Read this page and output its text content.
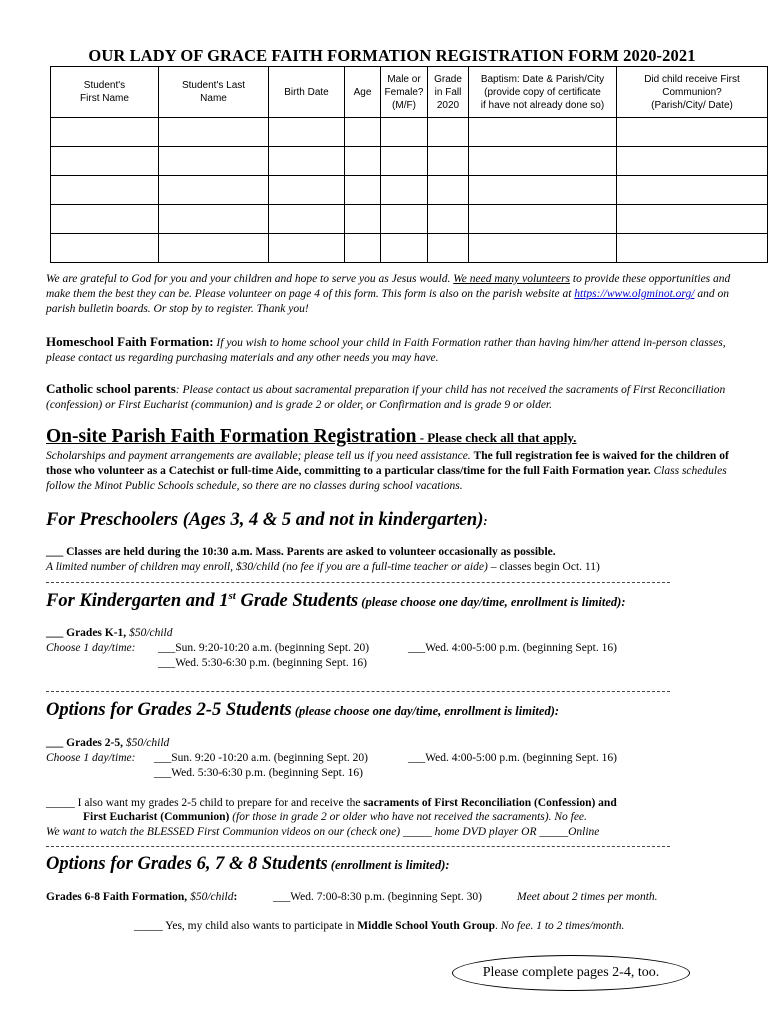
OUR LADY OF GRACE FAITH FORMATION REGISTRATION FORM 2020-2021
Student's
First Name	Student's Last
Name	Birth Date	Age	Male or
Female?
(M/F)	Grade
in Fall
2020	Baptism: Date & Parish/City
(provide copy of certificate
if have not already done so)	Did child receive First
Communion?
(Parish/City/ Date)

We are grateful to God for you and your children and hope to serve you as Jesus would. We need many volunteers to provide these opportunities and make them the best they can be. Please volunteer on page 4 of this form. This form is also on the parish website at https://www.olgminot.org/ and on parish bulletin boards. Or stop by to register. Thank you!
Homeschool Faith Formation: If you wish to home school your child in Faith Formation rather than having him/her attend in-person classes, please contact us regarding purchasing materials and any other needs you may have.
Catholic school parents: Please contact us about sacramental preparation if your child has not received the sacraments of First Reconciliation (confession) or First Eucharist (communion) and is grade 2 or older, or Confirmation and is grade 9 or older.
On-site Parish Faith Formation Registration - Please check all that apply.
Scholarships and payment arrangements are available; please tell us if you need assistance. The full registration fee is waived for the children of those who volunteer as a Catechist or full-time Aide, committing to a particular class/time for the full Faith Formation year. Class schedules follow the Minot Public Schools schedule, so there are no classes during school vacations.
For Preschoolers (Ages 3, 4 & 5 and not in kindergarten):
___ Classes are held during the 10:30 a.m. Mass. Parents are asked to volunteer occasionally as possible.
A limited number of children may enroll, $30/child (no fee if you are a full-time teacher or aide) – classes begin Oct. 11)
For Kindergarten and 1st Grade Students (please choose one day/time, enrollment is limited):
___ Grades K-1, $50/child
Choose 1 day/time: ___Sun. 9:20-10:20 a.m. (beginning Sept. 20)	___Wed. 4:00-5:00 p.m. (beginning Sept. 16)
___Wed. 5:30-6:30 p.m. (beginning Sept. 16)
Options for Grades 2-5 Students (please choose one day/time, enrollment is limited):
___ Grades 2-5, $50/child
Choose 1 day/time: ___Sun. 9:20 -10:20 a.m. (beginning Sept. 20)	___Wed. 4:00-5:00 p.m. (beginning Sept. 16)
___Wed. 5:30-6:30 p.m. (beginning Sept. 16)
_____ I also want my grades 2-5 child to prepare for and receive the sacraments of First Reconciliation (Confession) and
First Eucharist (Communion) (for those in grade 2 or older who have not received the sacraments). No fee.
We want to watch the BLESSED First Communion videos on our (check one) _____ home DVD player OR _____Online
Options for Grades 6, 7 & 8 Students (enrollment is limited):
Grades 6-8 Faith Formation, $50/child:	___Wed. 7:00-8:30 p.m. (beginning Sept. 30)	Meet about 2 times per month.
_____ Yes, my child also wants to participate in Middle School Youth Group. No fee. 1 to 2 times/month.
Please complete pages 2-4, too.
